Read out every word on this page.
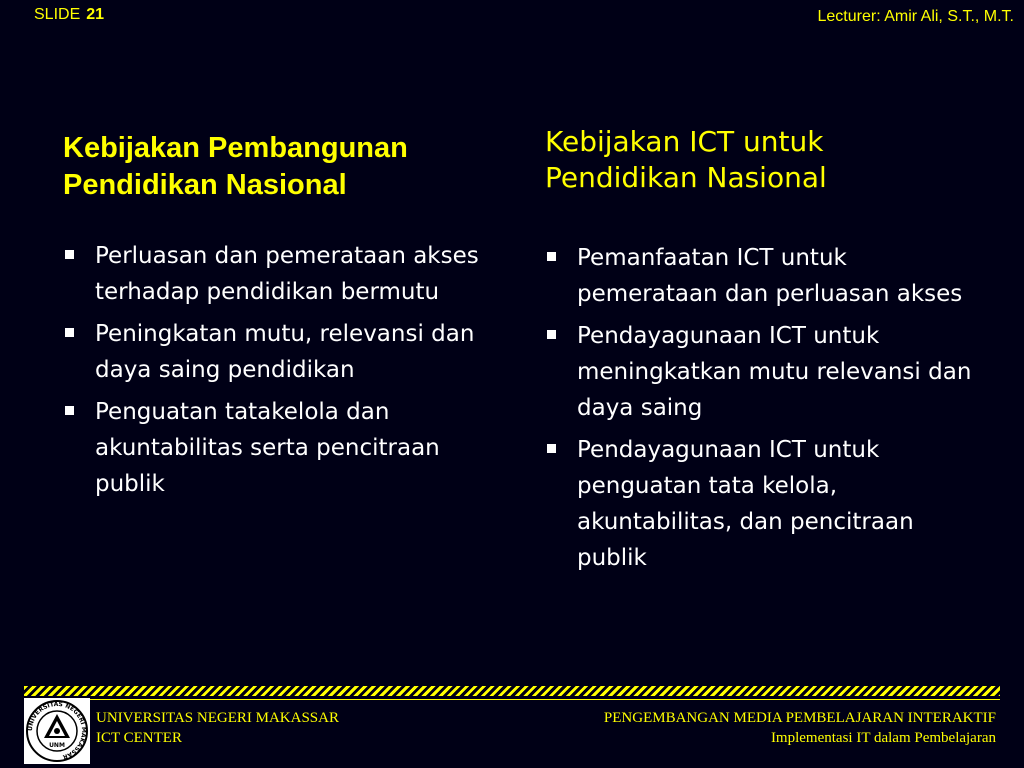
SLIDE 21	Lecturer: Amir Ali, S.T., M.T.
Kebijakan Pembangunan
Pendidikan Nasional
Perluasan dan pemerataan akses terhadap pendidikan bermutu
Peningkatan mutu, relevansi dan daya saing pendidikan
Penguatan tatakelola dan akuntabilitas serta pencitraan publik
Kebijakan ICT untuk
Pendidikan Nasional
Pemanfaatan ICT untuk pemerataan dan perluasan akses
Pendayagunaan ICT untuk meningkatkan mutu relevansi dan daya saing
Pendayagunaan ICT untuk penguatan tata kelola, akuntabilitas, dan pencitraan publik
UNIVERSITAS NEGERI MAKASSAR
UNM
UNIVERSITAS NEGERI MAKASSAR
ICT CENTER
PENGEMBANGAN MEDIA PEMBELAJARAN INTERAKTIF
Implementasi IT dalam Pembelajaran
